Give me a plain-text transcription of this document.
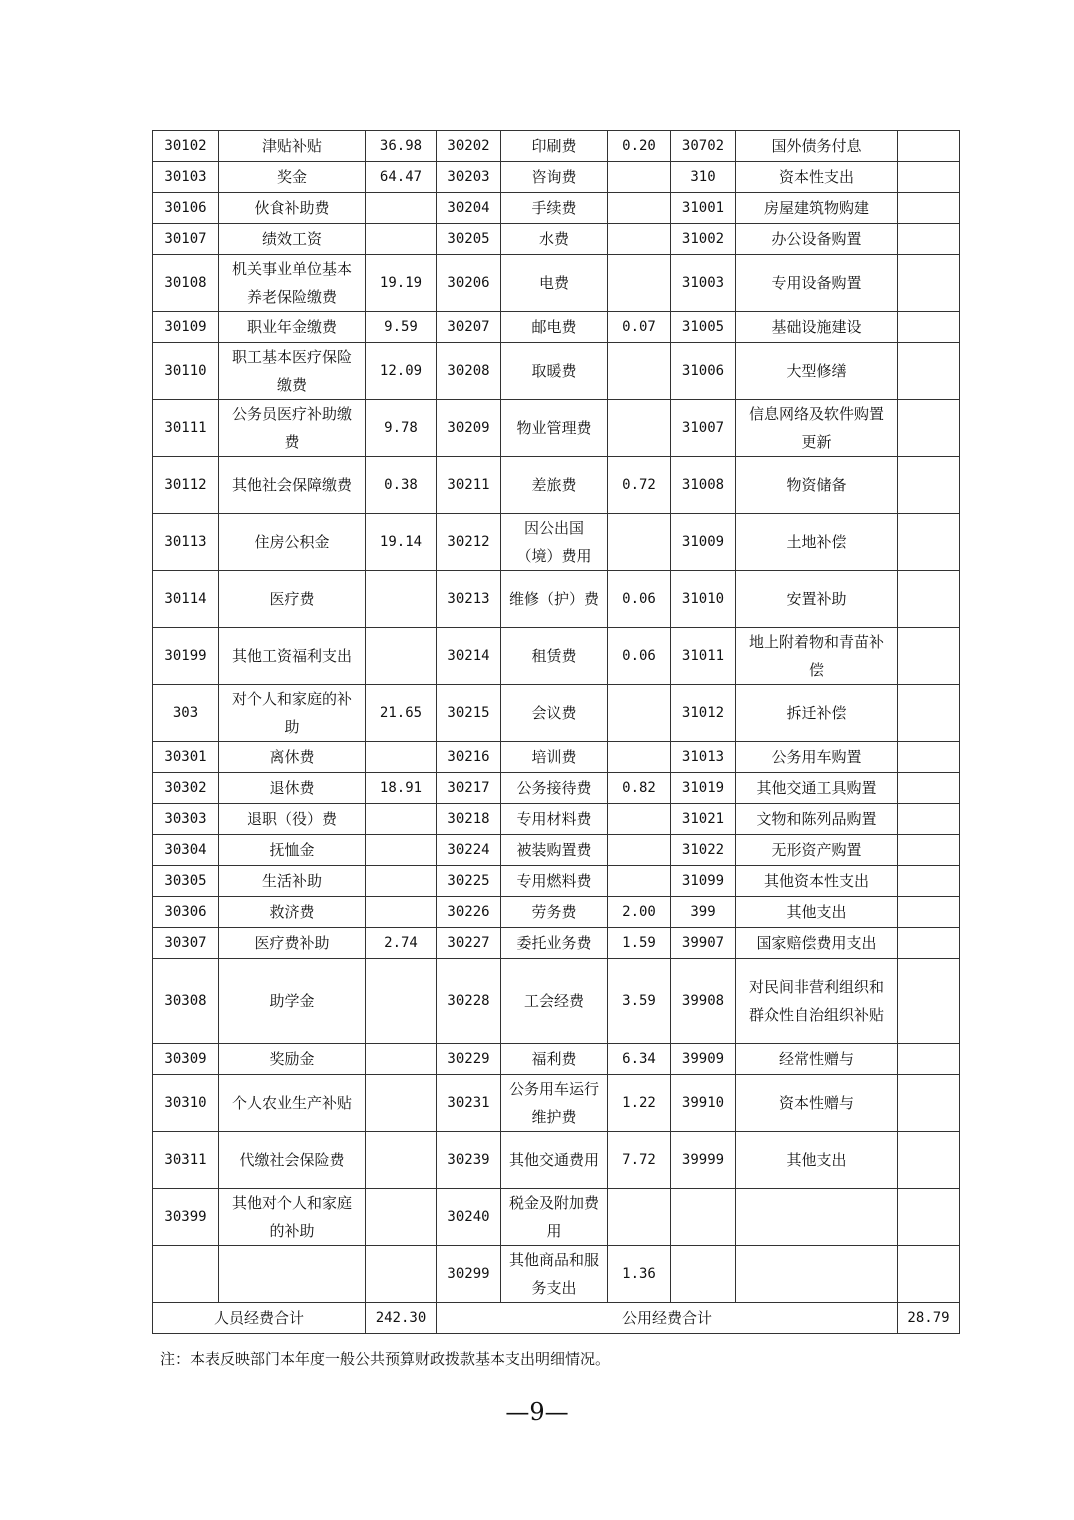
30102	津贴补贴	36.98	30202	印刷费	0.20	30702	国外债务付息	
30103	奖金	64.47	30203	咨询费		310	资本性支出	
30106	伙食补助费		30204	手续费		31001	房屋建筑物购建	
30107	绩效工资		30205	水费		31002	办公设备购置	
30108	机关事业单位基本养老保险缴费	19.19	30206	电费		31003	专用设备购置	
30109	职业年金缴费	9.59	30207	邮电费	0.07	31005	基础设施建设	
30110	职工基本医疗保险缴费	12.09	30208	取暖费		31006	大型修缮	
30111	公务员医疗补助缴费	9.78	30209	物业管理费		31007	信息网络及软件购置更新	
30112	其他社会保障缴费	0.38	30211	差旅费	0.72	31008	物资储备	
30113	住房公积金	19.14	30212	因公出国（境）费用		31009	土地补偿	
30114	医疗费		30213	维修（护）费	0.06	31010	安置补助	
30199	其他工资福利支出		30214	租赁费	0.06	31011	地上附着物和青苗补偿	
303	对个人和家庭的补助	21.65	30215	会议费		31012	拆迁补偿	
30301	离休费		30216	培训费		31013	公务用车购置	
30302	退休费	18.91	30217	公务接待费	0.82	31019	其他交通工具购置	
30303	退职（役）费		30218	专用材料费		31021	文物和陈列品购置	
30304	抚恤金		30224	被装购置费		31022	无形资产购置	
30305	生活补助		30225	专用燃料费		31099	其他资本性支出	
30306	救济费		30226	劳务费	2.00	399	其他支出	
30307	医疗费补助	2.74	30227	委托业务费	1.59	39907	国家赔偿费用支出	
30308	助学金		30228	工会经费	3.59	39908	对民间非营利组织和群众性自治组织补贴	
30309	奖励金		30229	福利费	6.34	39909	经常性赠与	
30310	个人农业生产补贴		30231	公务用车运行维护费	1.22	39910	资本性赠与	
30311	代缴社会保险费		30239	其他交通费用	7.72	39999	其他支出	
30399	其他对个人和家庭的补助		30240	税金及附加费用				
			30299	其他商品和服务支出	1.36			
人员经费合计		242.30	公用经费合计					28.79
注：本表反映部门本年度一般公共预算财政拨款基本支出明细情况。
—9—
